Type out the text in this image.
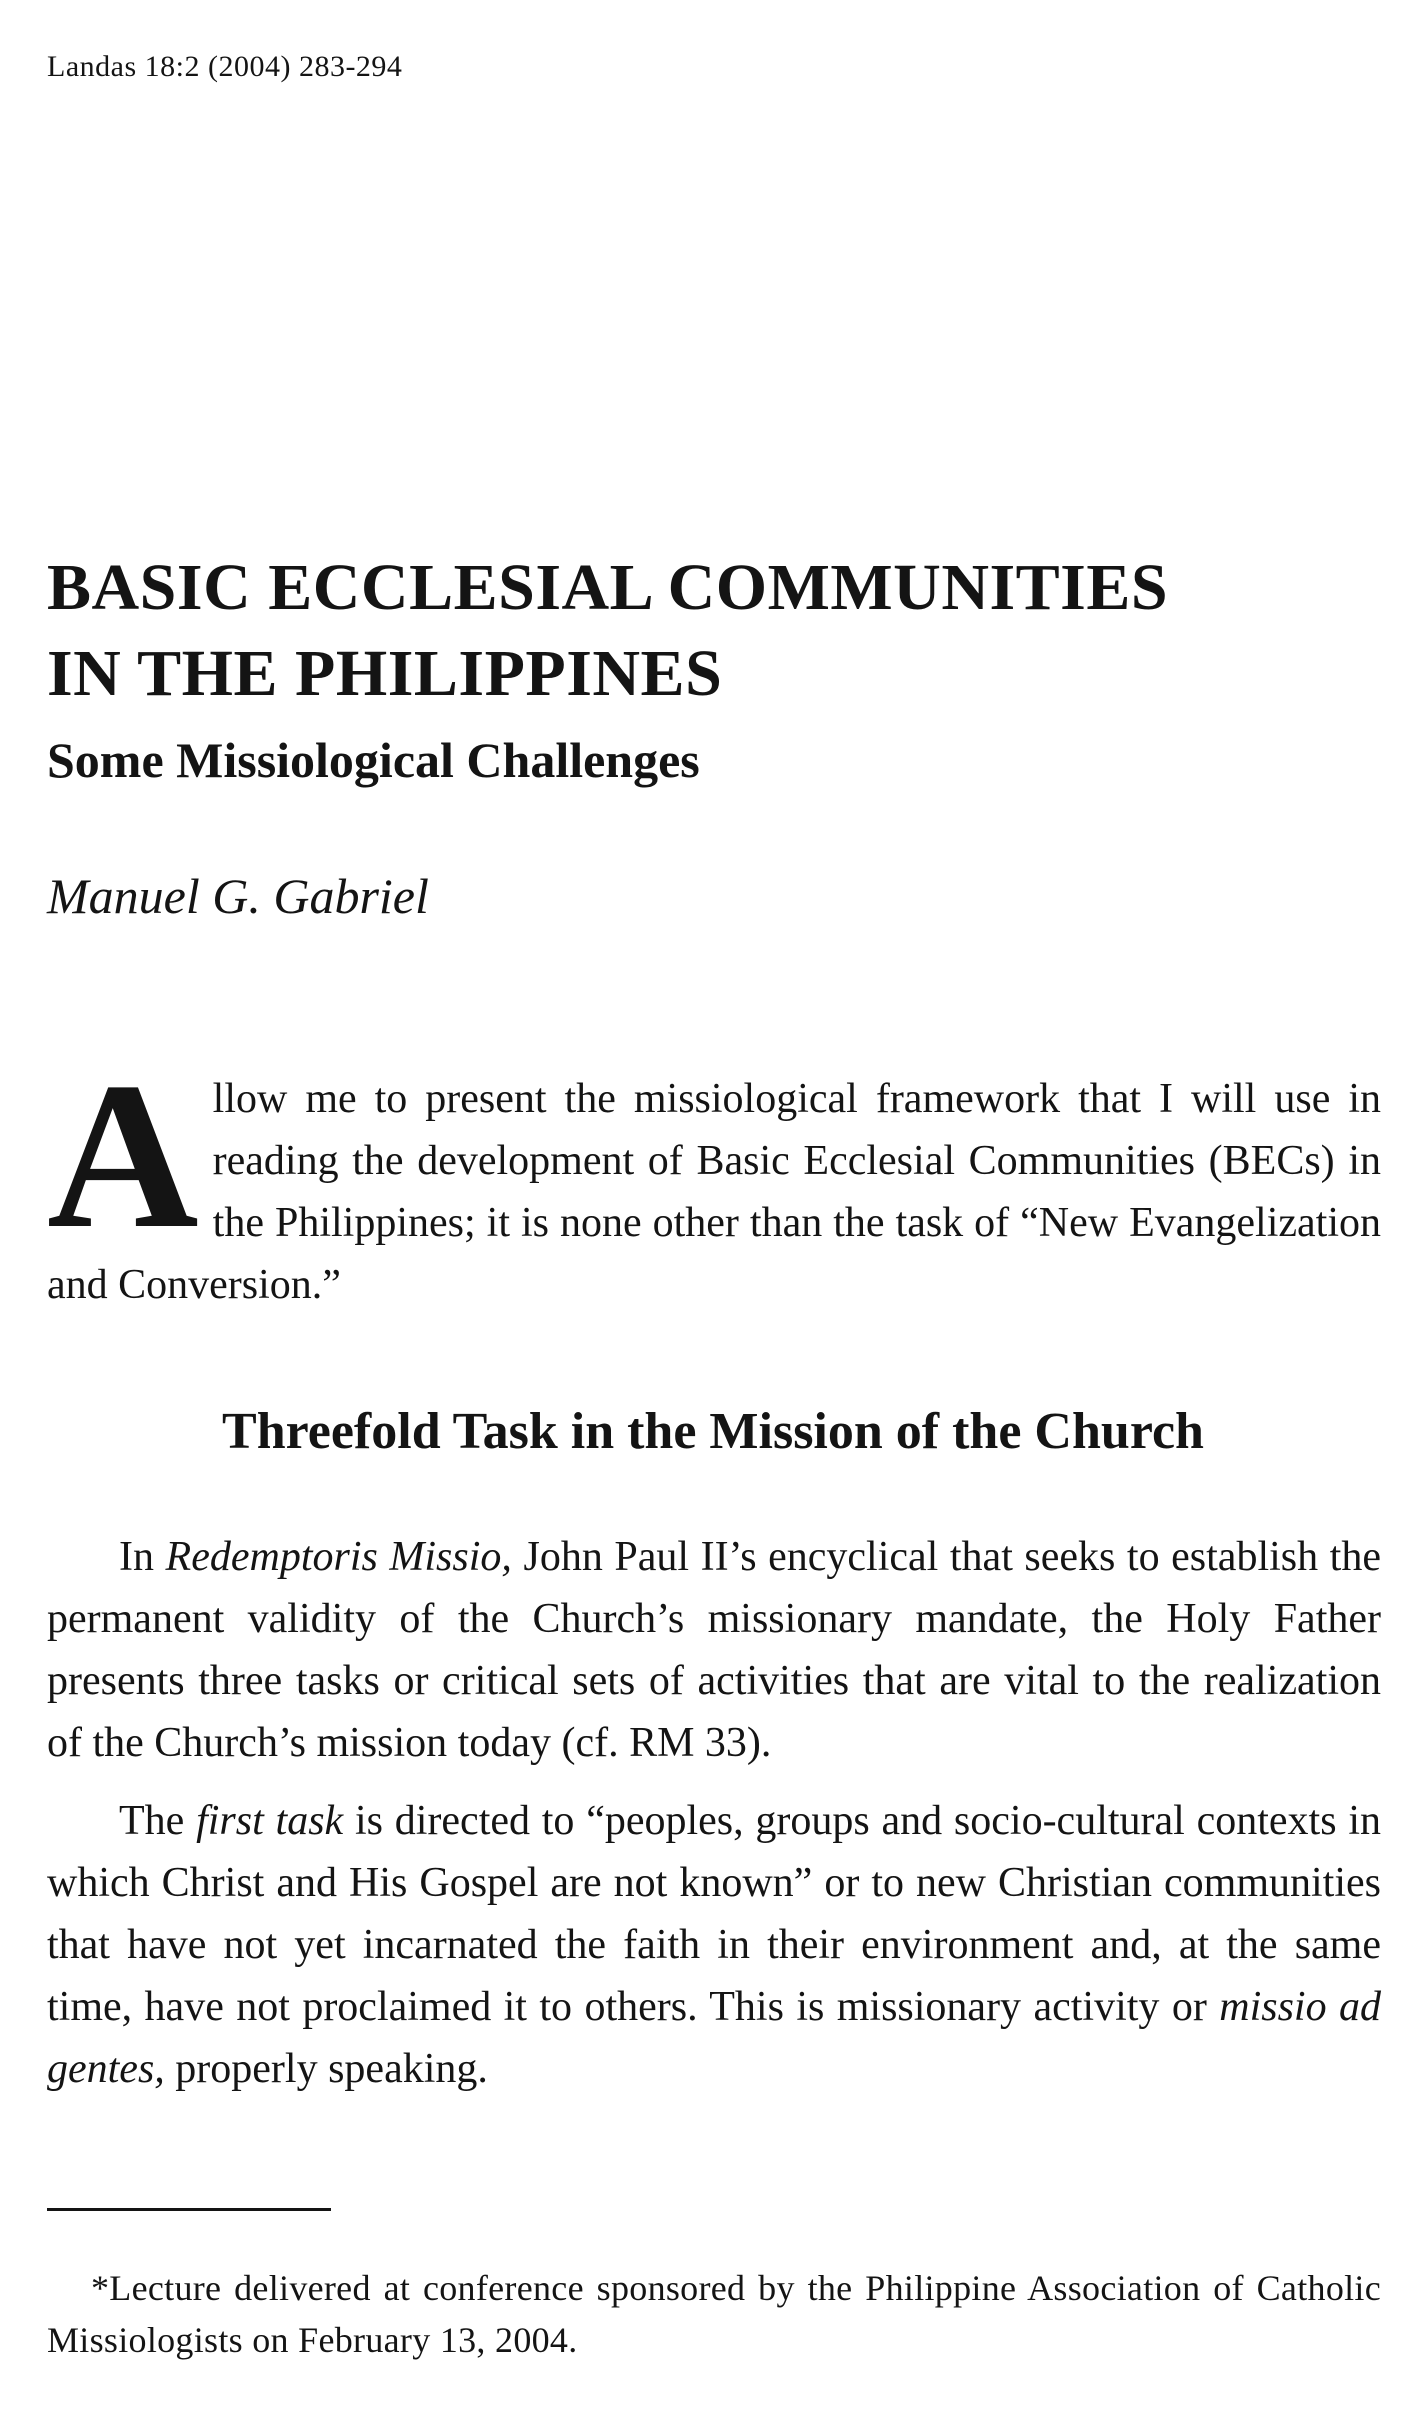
Landas 18:2 (2004) 283-294
BASIC ECCLESIAL COMMUNITIES
IN THE PHILIPPINES
Some Missiological Challenges
Manuel G. Gabriel

Allow me to present the missiological framework that I will use in reading the development of Basic Ecclesial Communities (BECs) in the Philippines; it is none other than the task of “New Evangelization and Conversion.”

Threefold Task in the Mission of the Church

In Redemptoris Missio, John Paul II’s encyclical that seeks to establish the permanent validity of the Church’s missionary mandate, the Holy Father presents three tasks or critical sets of activities that are vital to the realization of the Church’s mission today (cf. RM 33).

The first task is directed to “peoples, groups and socio-cultural contexts in which Christ and His Gospel are not known” or to new Christian communities that have not yet incarnated the faith in their environment and, at the same time, have not proclaimed it to others. This is missionary activity or missio ad gentes, properly speaking.

*Lecture delivered at conference sponsored by the Philippine Association of Catholic Missiologists on February 13, 2004.
